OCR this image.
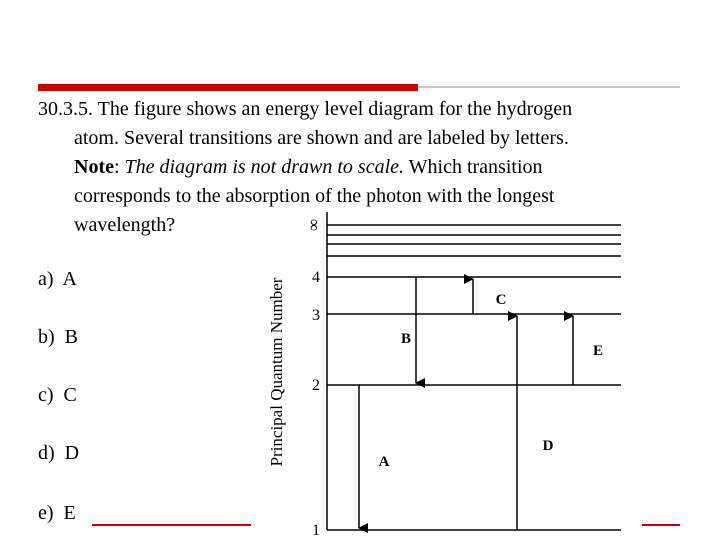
30.3.5. The figure shows an energy level diagram for the hydrogen
atom. Several transitions are shown and are labeled by letters.
Note: The diagram is not drawn to scale. Which transition
corresponds to the absorption of the photon with the longest
wavelength?
a) A
b) B
c) C
d) D
e) E
Principal Quantum Number
∞
4
3
2
1
A
B
C
D
E
